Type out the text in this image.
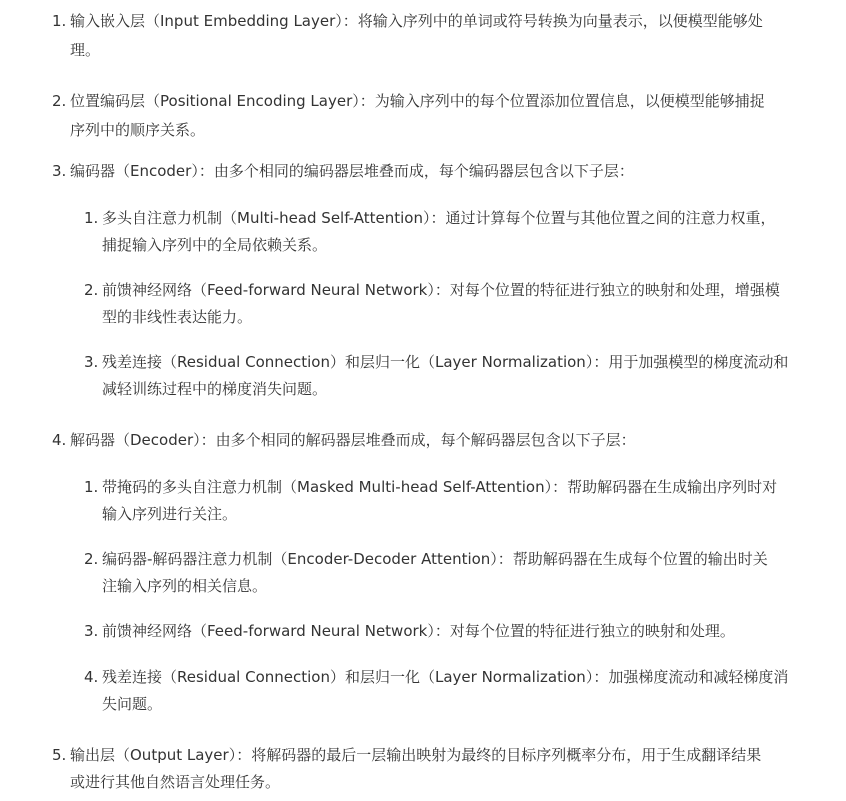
1. 输入嵌入层（Input Embedding Layer）：将输入序列中的单词或符号转换为向量表示，以便模型能够处
理。
2. 位置编码层（Positional Encoding Layer）：为输入序列中的每个位置添加位置信息，以便模型能够捕捉
序列中的顺序关系。
3. 编码器（Encoder）：由多个相同的编码器层堆叠而成，每个编码器层包含以下子层：
1. 多头自注意力机制（Multi-head Self-Attention）：通过计算每个位置与其他位置之间的注意力权重，
捕捉输入序列中的全局依赖关系。
2. 前馈神经网络（Feed-forward Neural Network）：对每个位置的特征进行独立的映射和处理，增强模
型的非线性表达能力。
3. 残差连接（Residual Connection）和层归一化（Layer Normalization）：用于加强模型的梯度流动和
减轻训练过程中的梯度消失问题。
4. 解码器（Decoder）：由多个相同的解码器层堆叠而成，每个解码器层包含以下子层：
1. 带掩码的多头自注意力机制（Masked Multi-head Self-Attention）：帮助解码器在生成输出序列时对
输入序列进行关注。
2. 编码器-解码器注意力机制（Encoder-Decoder Attention）：帮助解码器在生成每个位置的输出时关
注输入序列的相关信息。
3. 前馈神经网络（Feed-forward Neural Network）：对每个位置的特征进行独立的映射和处理。
4. 残差连接（Residual Connection）和层归一化（Layer Normalization）：加强梯度流动和减轻梯度消
失问题。
5. 输出层（Output Layer）：将解码器的最后一层输出映射为最终的目标序列概率分布，用于生成翻译结果
或进行其他自然语言处理任务。
